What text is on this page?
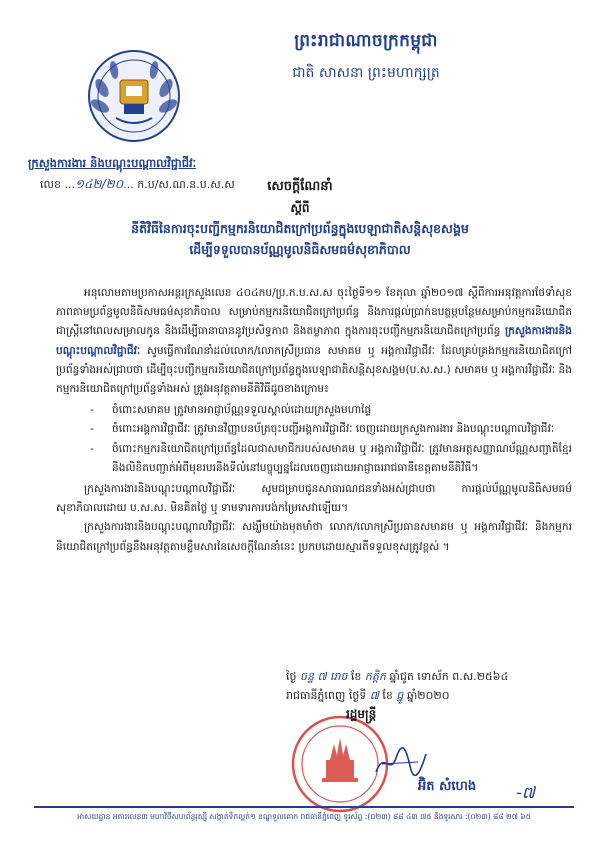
ព្រះរាជាណាចក្រកម្ពុជា
ជាតិ សាសនា ព្រះមហាក្សត្រ
ក្រសួងការងារ និងបណ្តុះបណ្តាលវិជ្ជាជីវៈ
លេខ ...១៤២/២០... ក.ប/ស.ណ.ន.ប.ស.ស	សេចក្តីណែនាំ
ស្តីពី
នីតិវិធីនៃការចុះបញ្ជីកម្មករនិយោជិតក្រៅប្រព័ន្ធក្នុងបេឡាជាតិសន្តិសុខសង្គម
ដើម្បីទទួលបានប័ណ្ណមូលនិធិសមធម៌សុខាភិបាល

អនុលោមតាមប្រកាសអន្តរក្រសួងលេខ ៤០៤កប/ប្រ.ក.ប.ស.ស ចុះថ្ងៃទី១១ ខែតុលា ឆ្នាំ២០១៧ ស្តីពីការអនុវត្តការថែទាំសុខភាពតាមប្រព័ន្ធមូលនិធិសមធម៌សុខាភិបាល សម្រាប់កម្មករនិយោជិតក្រៅប្រព័ន្ធ និងការផ្តល់ប្រាក់ឧបត្ថម្ភបន្ថែមសម្រាប់កម្មករនិយោជិតជាស្ត្រីនៅពេលសម្រាលកូន និងដើម្បីធានាបាននូវប្រសិទ្ធភាព និងតម្លាភាព ក្នុងការចុះបញ្ជីកម្មករនិយោជិតក្រៅប្រព័ន្ធ ក្រសួងការងារនិងបណ្តុះបណ្តាលវិជ្ជាជីវៈ សូមធ្វើការណែនាំដល់លោក/លោកស្រីប្រធាន សមាគម ឬ អង្គការវិជ្ជាជីវៈ ដែលគ្រប់គ្រងកម្មករនិយោជិតក្រៅប្រព័ន្ធទាំងអស់ជ្រាបថា ដើម្បីចុះបញ្ជីកម្មករនិយោជិតក្រៅប្រព័ន្ធក្នុងបេឡាជាតិសន្តិសុខសង្គម(ប.ស.ស.) សមាគម ឬ អង្គការវិជ្ជាជីវៈ និងកម្មករនិយោជិតក្រៅប្រព័ន្ធទាំងអស់ ត្រូវអនុវត្តតាមនីតិវិធីដូចខាងក្រោម៖

- ចំពោះសមាគម ត្រូវមានអាជ្ញាប័ណ្ណទទួលស្គាល់ដោយក្រសួងមហាផ្ទៃ
- ចំពោះអង្គការវិជ្ជាជីវៈ ត្រូវមានវិញ្ញាបនប័ត្រចុះបញ្ជីអង្គការវិជ្ជាជីវៈ ចេញដោយក្រសួងការងារ និងបណ្តុះបណ្តាលវិជ្ជាជីវៈ
- ចំពោះកម្មករនិយោជិតក្រៅប្រព័ន្ធដែលជាសមាជិករបស់សមាគម ឬ អង្គការវិជ្ជាជីវៈ ត្រូវមានអត្តសញ្ញាណប័ណ្ណសញ្ជាតិខ្មែរ និងលិខិតបញ្ជាក់អំពីមុខរបរនិងទីលំនៅបច្ចុប្បន្នដែលចេញដោយអាជ្ញាធររាជធានីខេត្តតាមនីតិវិធី។

ក្រសួងការងារនិងបណ្តុះបណ្តាលវិជ្ជាជីវៈ សូមជម្រាបជូនសាធារណជនទាំងអស់ជ្រាបថា ការផ្តល់ប័ណ្ណមូលនិធិសមធម៌សុខាភិបាលដោយ ប.ស.ស. មិនគិតថ្លៃ ឬ ទាមទារការបង់កម្រៃសេវាឡើយ។

ក្រសួងការងារនិងបណ្តុះបណ្តាលវិជ្ជាជីវៈ សង្ឃឹមយ៉ាងមុតមាំថា លោក/លោកស្រីប្រធានសមាគម ឬ អង្គការវិជ្ជាជីវៈ និងកម្មករនិយោជិតក្រៅប្រព័ន្ធនឹងអនុវត្តតាមខ្លឹមសារនៃសេចក្តីណែនាំនេះ ប្រកបដោយស្មារតីទទួលខុសត្រូវខ្ពស់ ។

ថ្ងៃ ចន្ទ ៧ រោច ខែ កត្តិក ឆ្នាំជូត ទោស័ក ព.ស.២៥៦៤
រាជធានីភ្នំពេញ ថ្ងៃទី ៧ ខែ ធ្នូ ឆ្នាំ២០២០
រដ្ឋមន្ត្រី
អ៊ិត សំហេង -៧
អាសយដ្ឋាន អគារលេខ៣ មហាវិថីសហព័ន្ធរុស្ស៊ី សង្កាត់ទឹកល្អក់១ ខណ្ឌទួលគោក រាជធានីភ្នំពេញ ទូរស័ព្ទ :(០២៣) ៨៨ ៤៣ ៧៥ និងទូរសារ :(០២៣) ៨៨ ២៧ ៦៥
